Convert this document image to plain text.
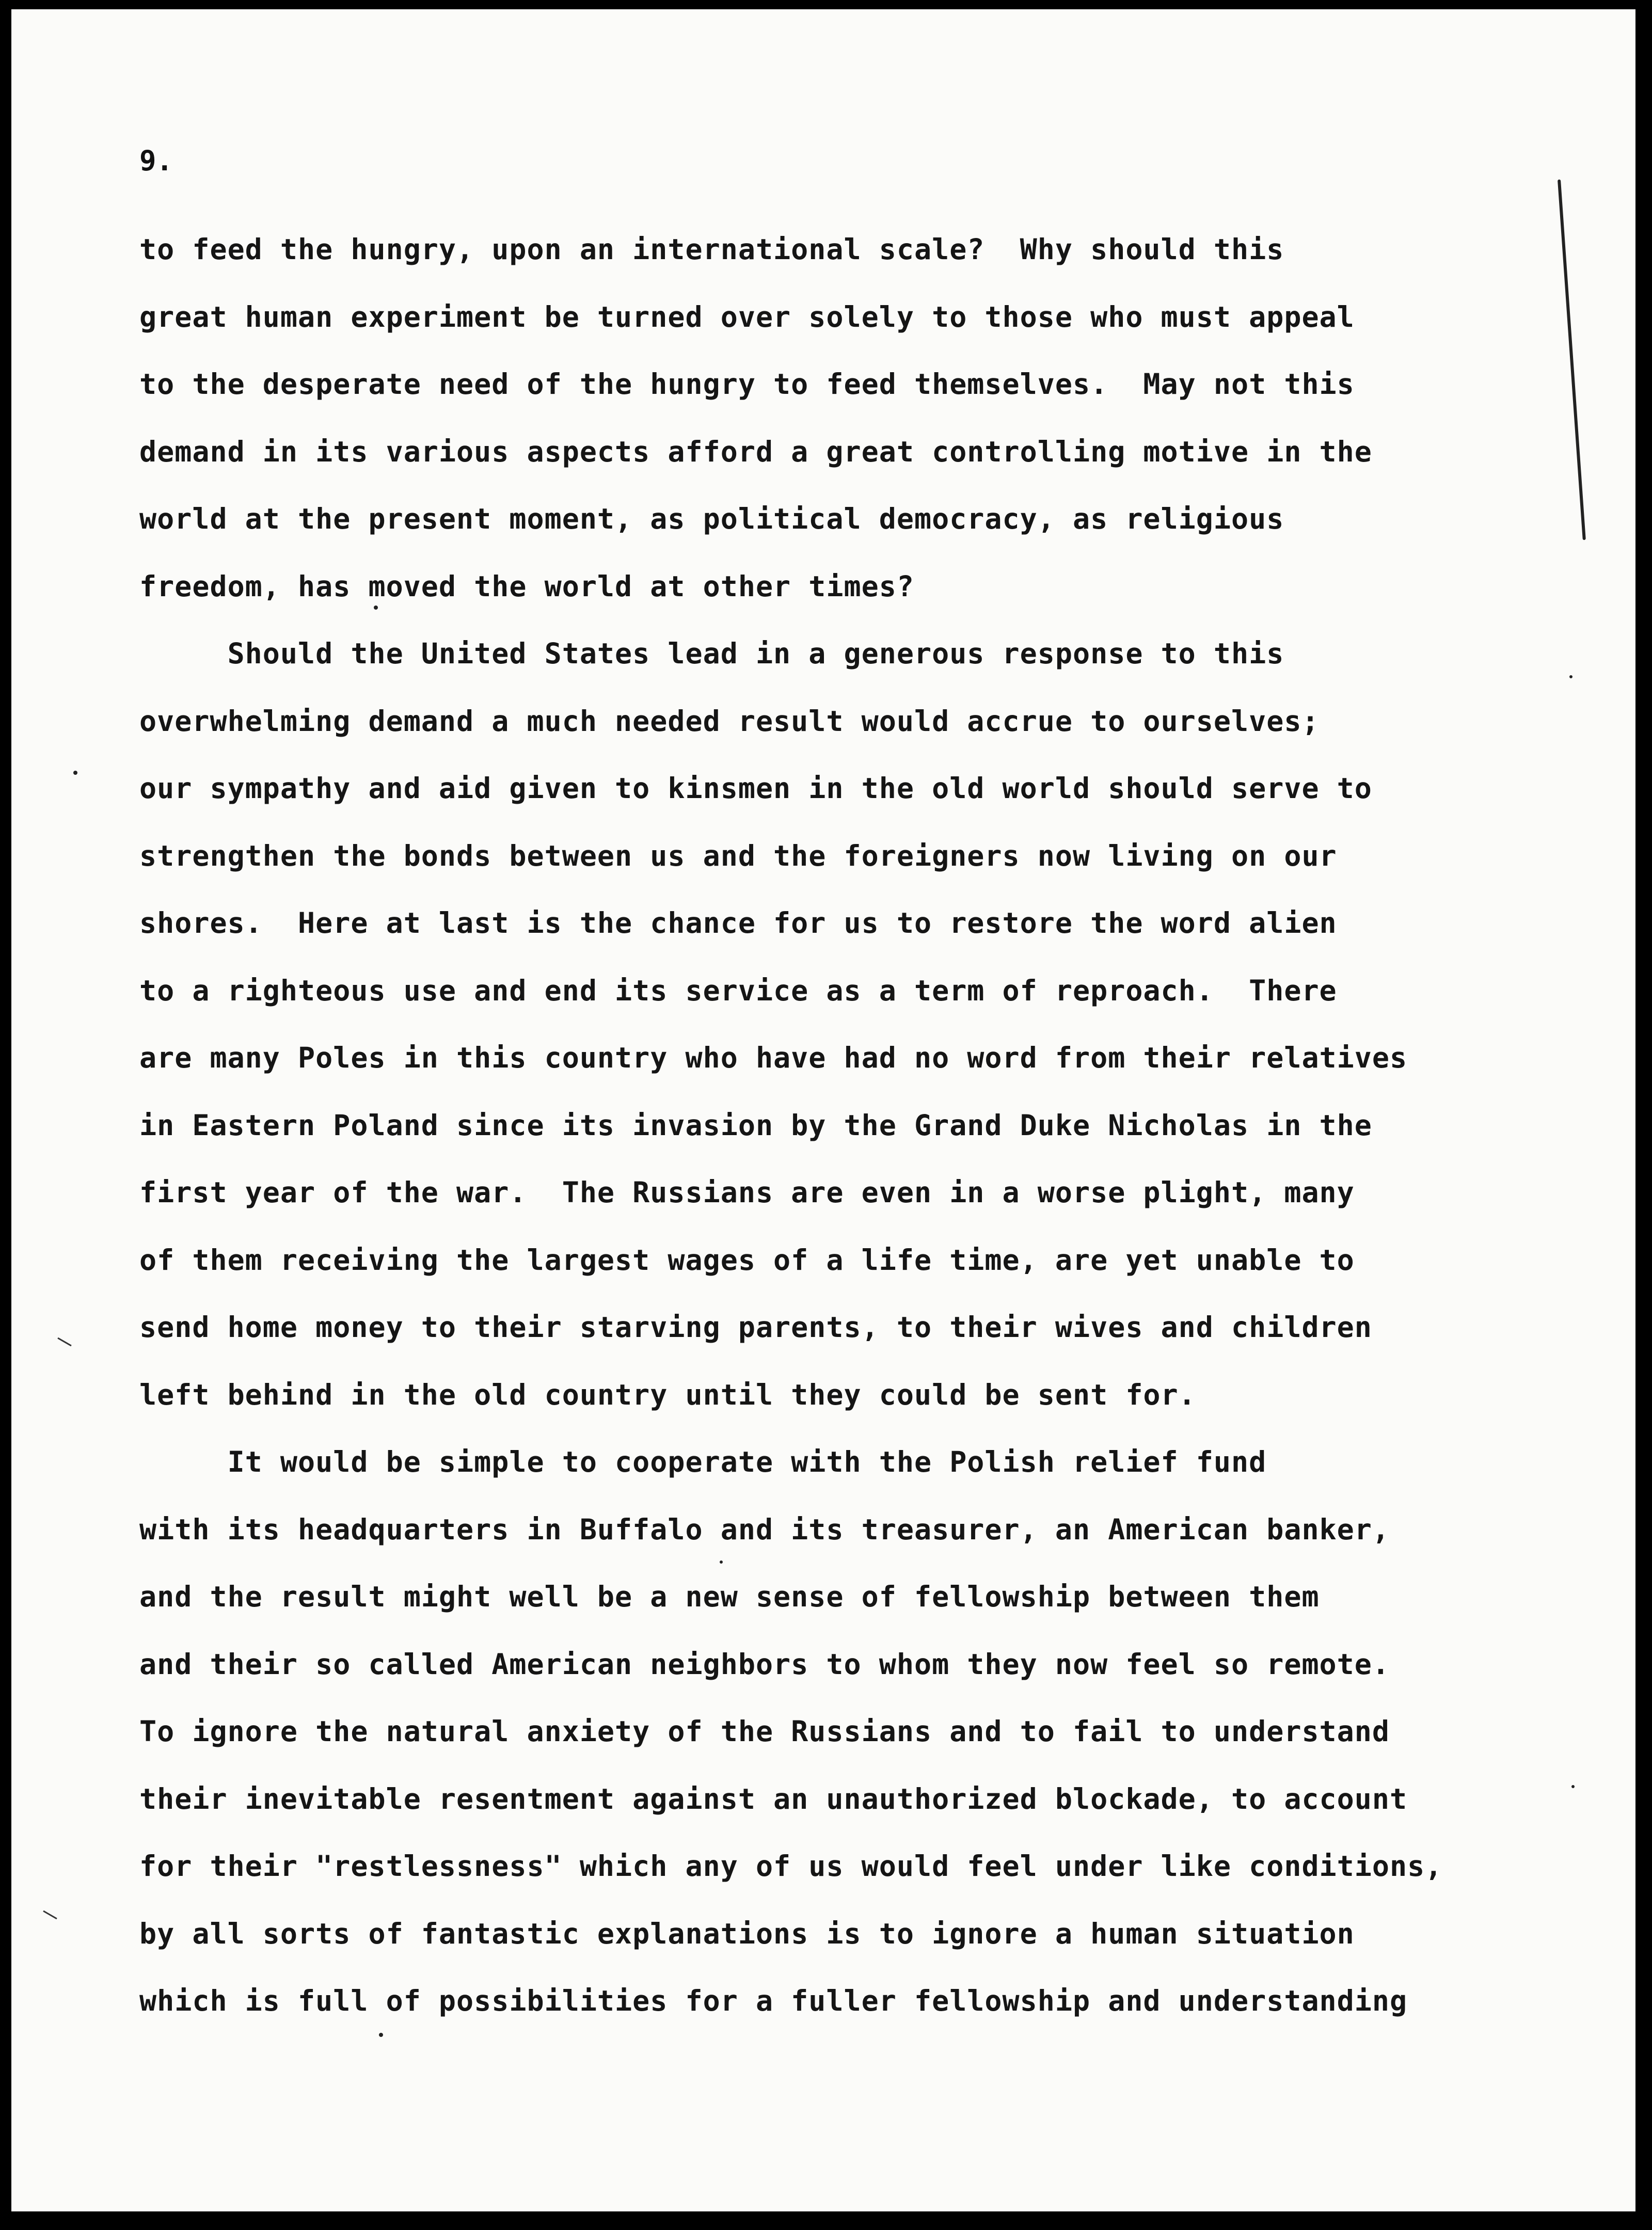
9.
to feed the hungry, upon an international scale?  Why should this
great human experiment be turned over solely to those who must appeal
to the desperate need of the hungry to feed themselves.  May not this
demand in its various aspects afford a great controlling motive in the
world at the present moment, as political democracy, as religious
freedom, has moved the world at other times?
Should the United States lead in a generous response to this
overwhelming demand a much needed result would accrue to ourselves;
our sympathy and aid given to kinsmen in the old world should serve to
strengthen the bonds between us and the foreigners now living on our
shores.  Here at last is the chance for us to restore the word alien
to a righteous use and end its service as a term of reproach.  There
are many Poles in this country who have had no word from their relatives
in Eastern Poland since its invasion by the Grand Duke Nicholas in the
first year of the war.  The Russians are even in a worse plight, many
of them receiving the largest wages of a life time, are yet unable to
send home money to their starving parents, to their wives and children
left behind in the old country until they could be sent for.
It would be simple to cooperate with the Polish relief fund
with its headquarters in Buffalo and its treasurer, an American banker,
and the result might well be a new sense of fellowship between them
and their so called American neighbors to whom they now feel so remote.
To ignore the natural anxiety of the Russians and to fail to understand
their inevitable resentment against an unauthorized blockade, to account
for their "restlessness" which any of us would feel under like conditions,
by all sorts of fantastic explanations is to ignore a human situation
which is full of possibilities for a fuller fellowship and understanding
